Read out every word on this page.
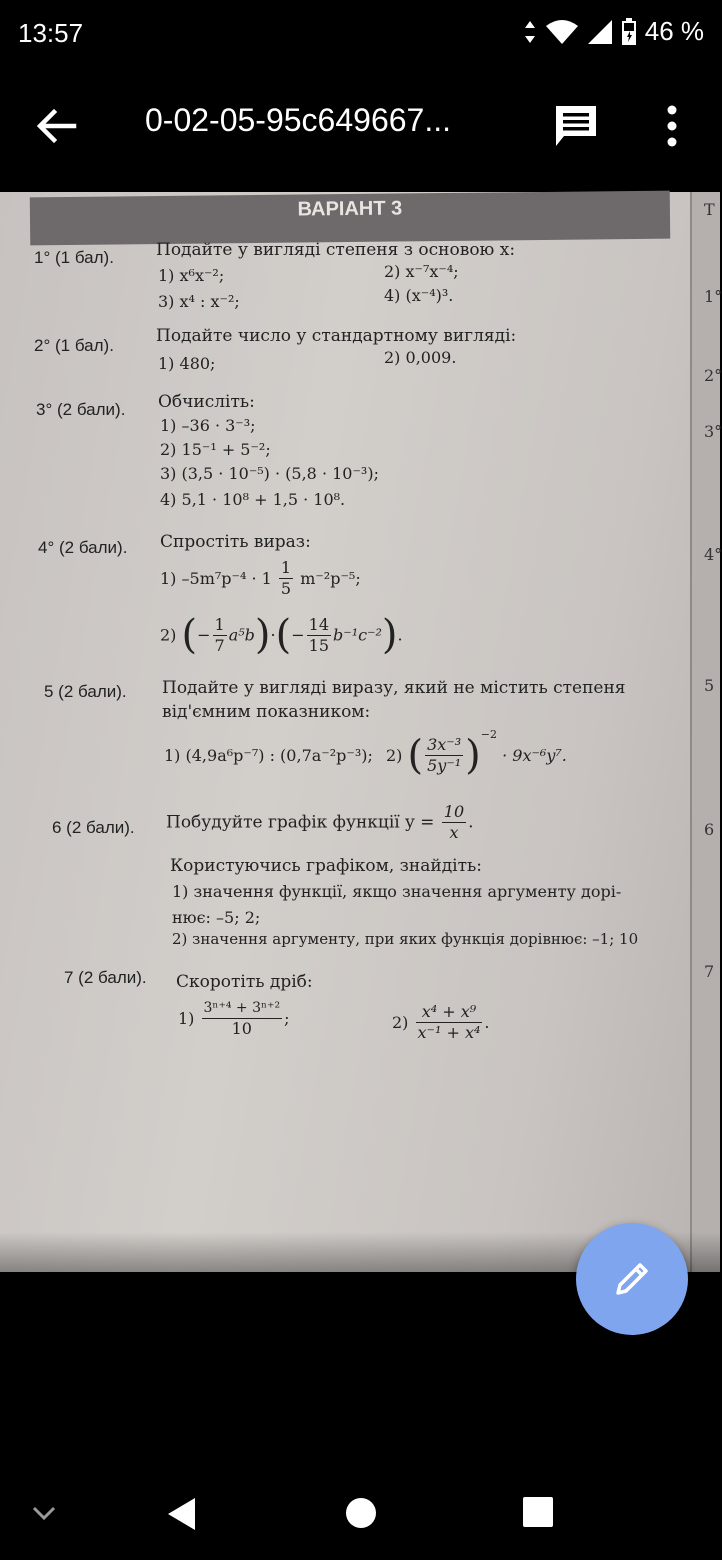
13:57	46 %
0-02-05-95c649667...
Т
1°
2°
3°
4°
5
6
7
ВАРІАНТ 3
1° (1 бал). Подайте у вигляді степеня з основою x:
1) x⁶x⁻²;	2) x⁻⁷x⁻⁴;
3) x⁴ : x⁻²;	4) (x⁻⁴)³.
2° (1 бал). Подайте число у стандартному вигляді:
1) 480;	2) 0,009.
3° (2 бали). Обчисліть:
1) –36 · 3⁻³;
2) 15⁻¹ + 5⁻²;
3) (3,5 · 10⁻⁵) · (5,8 · 10⁻³);
4) 5,1 · 10⁸ + 1,5 · 10⁸.
4° (2 бали). Спростіть вираз:
1) $-5m^7p^{-4} \cdot 1 \frac{1}{5} m^{-2}p^{-5}$;
2) (− $\frac{1}{7} a^5b)\cdot(- \frac{14}{15} b^{-1}c^{-2})$.
5 (2 бали). Подайте у вигляді виразу, який не містить степеня
від'ємним показником:
1) (4,9a⁶p⁻⁷) : (0,7a⁻²p⁻³); 2) ( $\frac{\text{3x⁻³}}{\text{5y⁻¹}} )^{-2} \cdot 9x^{-6}y^7$.
6 (2 бали). Побудуйте графік функції $y = \frac{10}{x}$ .
Користуючись графіком, знайдіть:
1) значення функції, якщо значення аргументу дорі-
нює: –5; 2;
2) значення аргументу, при яких функція дорівнює: –1; 10
7 (2 бали). Скоротіть дріб:
$1) \frac{\text{3ⁿ⁺⁴ + 3ⁿ⁺²}}{10}$ ;	$2) \frac{\text{x⁴ + x⁹}}{\text{x⁻¹ + x⁴}}$ .
